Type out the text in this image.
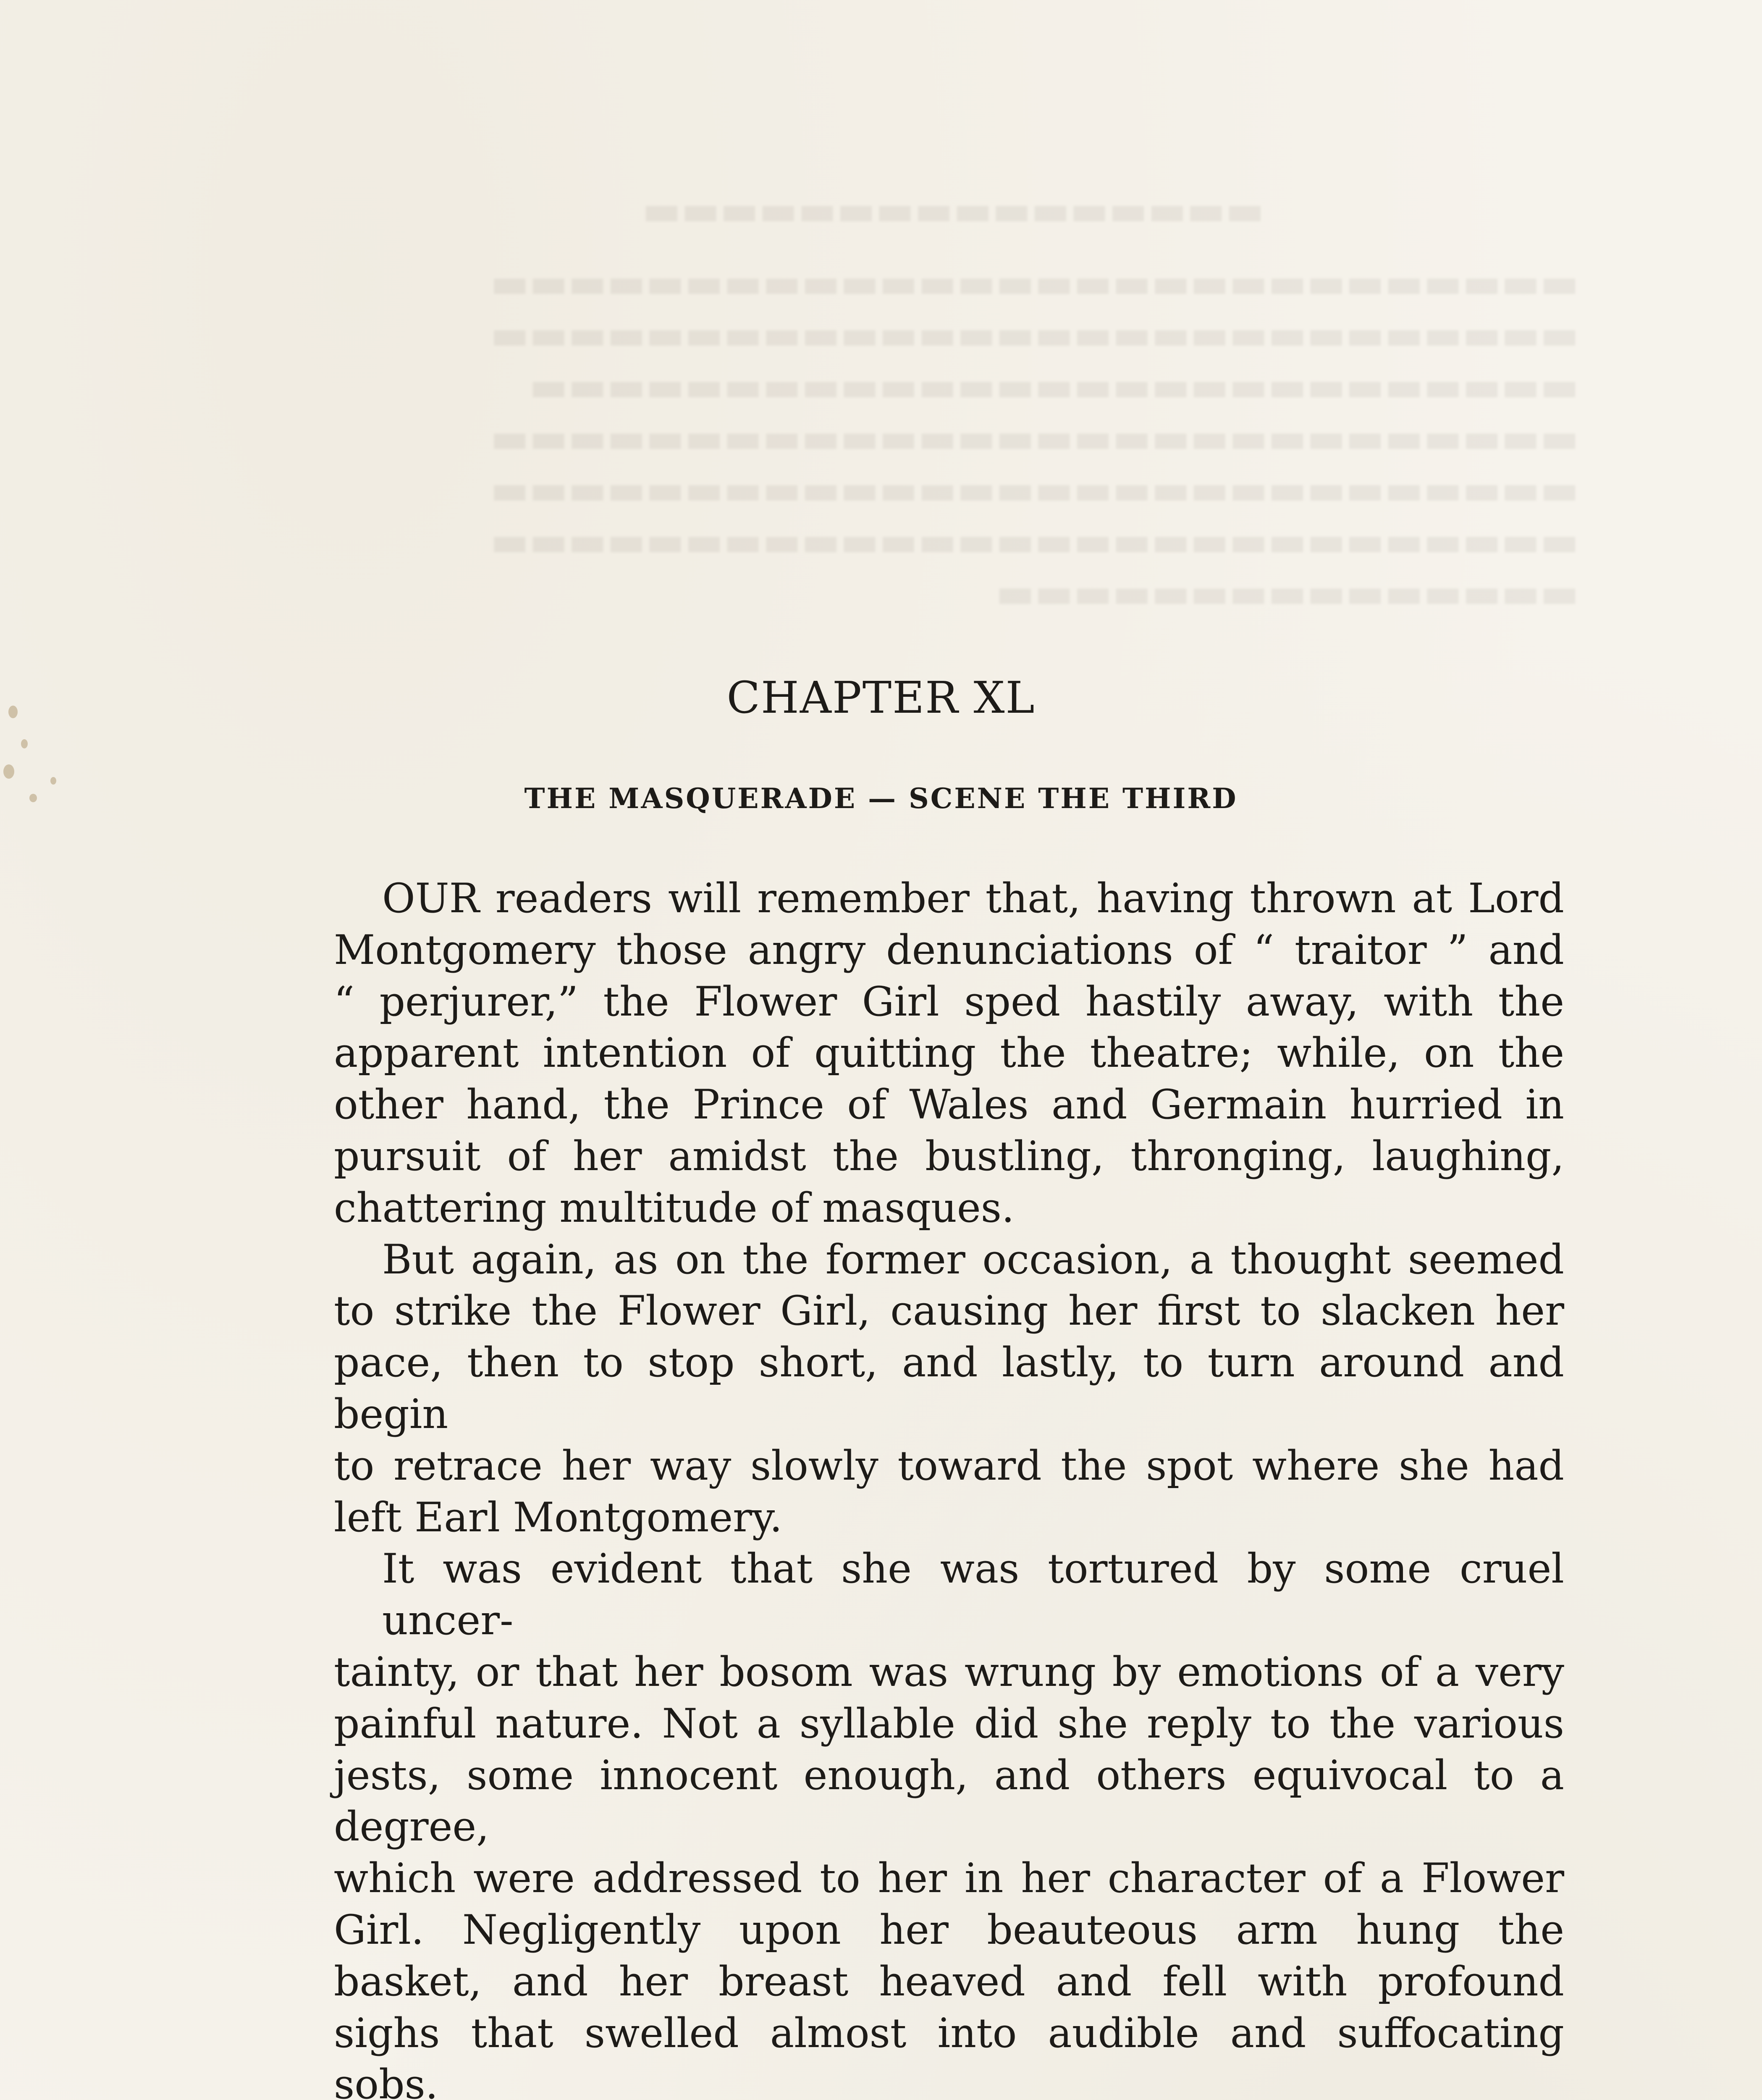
▬▬▬▬▬▬▬▬▬▬▬▬▬▬▬▬
▬▬▬▬▬▬▬▬▬▬▬▬▬▬▬▬▬▬▬▬▬▬▬▬▬▬▬▬
▬▬▬▬▬▬▬▬▬▬▬▬▬▬▬▬▬▬▬▬▬▬▬▬▬▬▬▬
▬▬▬▬▬▬▬▬▬▬▬▬▬▬▬▬▬▬▬▬▬▬▬▬▬▬▬
▬▬▬▬▬▬▬▬▬▬▬▬▬▬▬▬▬▬▬▬▬▬▬▬▬▬▬▬
▬▬▬▬▬▬▬▬▬▬▬▬▬▬▬▬▬▬▬▬▬▬▬▬▬▬▬▬
▬▬▬▬▬▬▬▬▬▬▬▬▬▬▬▬▬▬▬▬▬▬▬▬▬▬▬▬
▬▬▬▬▬▬▬▬▬▬▬▬▬▬▬
CHAPTER XL
THE MASQUERADE — SCENE THE THIRD

OUR readers will remember that, having thrown at Lord
Montgomery those angry denunciations of “ traitor ” and
“ perjurer,” the Flower Girl sped hastily away, with the
apparent intention of quitting the theatre; while, on the
other hand, the Prince of Wales and Germain hurried in
pursuit of her amidst the bustling, thronging, laughing,
chattering multitude of masques.

But again, as on the former occasion, a thought seemed
to strike the Flower Girl, causing her first to slacken her
pace, then to stop short, and lastly, to turn around and begin
to retrace her way slowly toward the spot where she had
left Earl Montgomery.

It was evident that she was tortured by some cruel uncer-
tainty, or that her bosom was wrung by emotions of a very
painful nature. Not a syllable did she reply to the various
jests, some innocent enough, and others equivocal to a degree,
which were addressed to her in her character of a Flower
Girl. Negligently upon her beauteous arm hung the
basket, and her breast heaved and fell with profound
sighs that swelled almost into audible and suffocating
sobs.
